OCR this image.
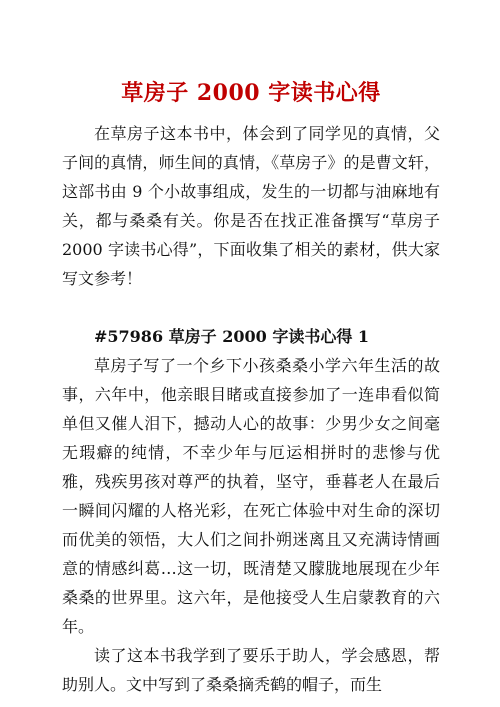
草房子 2000 字读书心得

在草房子这本书中，体会到了同学见的真情，父子间的真情，师生间的真情，《草房子》的是曹文轩，这部书由 9 个小故事组成，发生的一切都与油麻地有关，都与桑桑有关。你是否在找正准备撰写“草房子 2000 字读书心得”，下面收集了相关的素材，供大家写文参考！

#57986 草房子 2000 字读书心得 1

草房子写了一个乡下小孩桑桑小学六年生活的故事，六年中，他亲眼目睹或直接参加了一连串看似简单但又催人泪下，撼动人心的故事：少男少女之间毫无瑕癖的纯情，不幸少年与厄运相拼时的悲惨与优雅，残疾男孩对尊严的执着，坚守，垂暮老人在最后一瞬间闪耀的人格光彩，在死亡体验中对生命的深切而优美的领悟，大人们之间扑朔迷离且又充满诗情画意的情感纠葛…这一切，既清楚又朦胧地展现在少年桑桑的世界里。这六年，是他接受人生启蒙教育的六年。

读了这本书我学到了要乐于助人，学会感恩，帮助别人。文中写到了桑桑摘秃鹤的帽子，而生
